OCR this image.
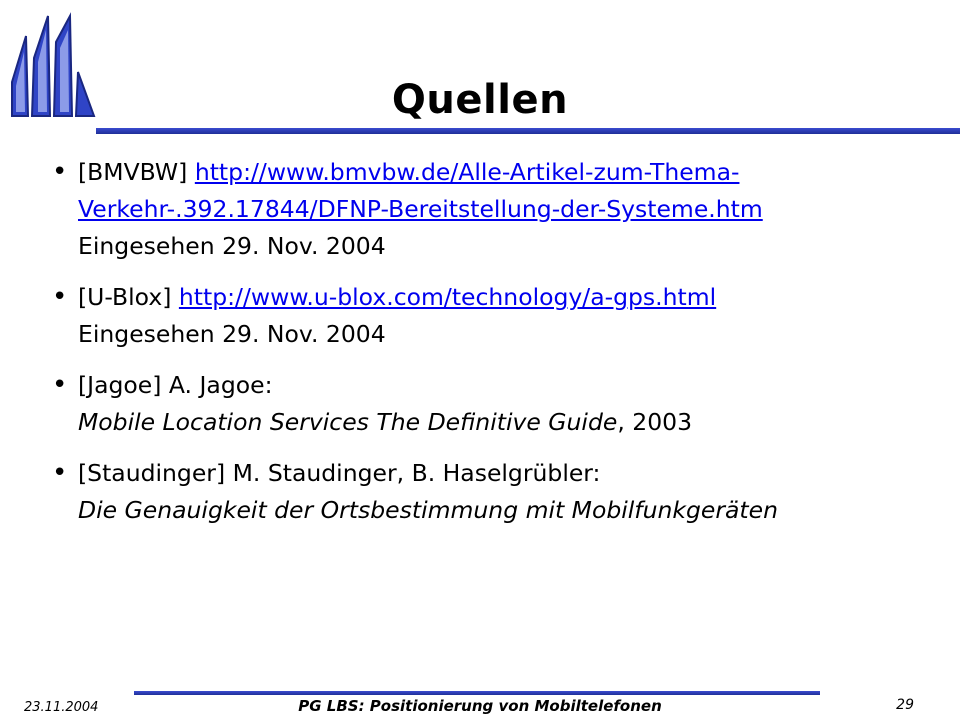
Quellen
• [BMVBW] http://www.bmvbw.de/Alle-Artikel-zum-Thema-
Verkehr-.392.17844/DFNP-Bereitstellung-der-Systeme.htm
Eingesehen 29. Nov. 2004
• [U-Blox] http://www.u-blox.com/technology/a-gps.html
Eingesehen 29. Nov. 2004
• [Jagoe] A. Jagoe:
Mobile Location Services The Definitive Guide, 2003
• [Staudinger] M. Staudinger, B. Haselgrübler:
Die Genauigkeit der Ortsbestimmung mit Mobilfunkgeräten
23.11.2004	PG LBS: Positionierung von Mobiltelefonen	29
